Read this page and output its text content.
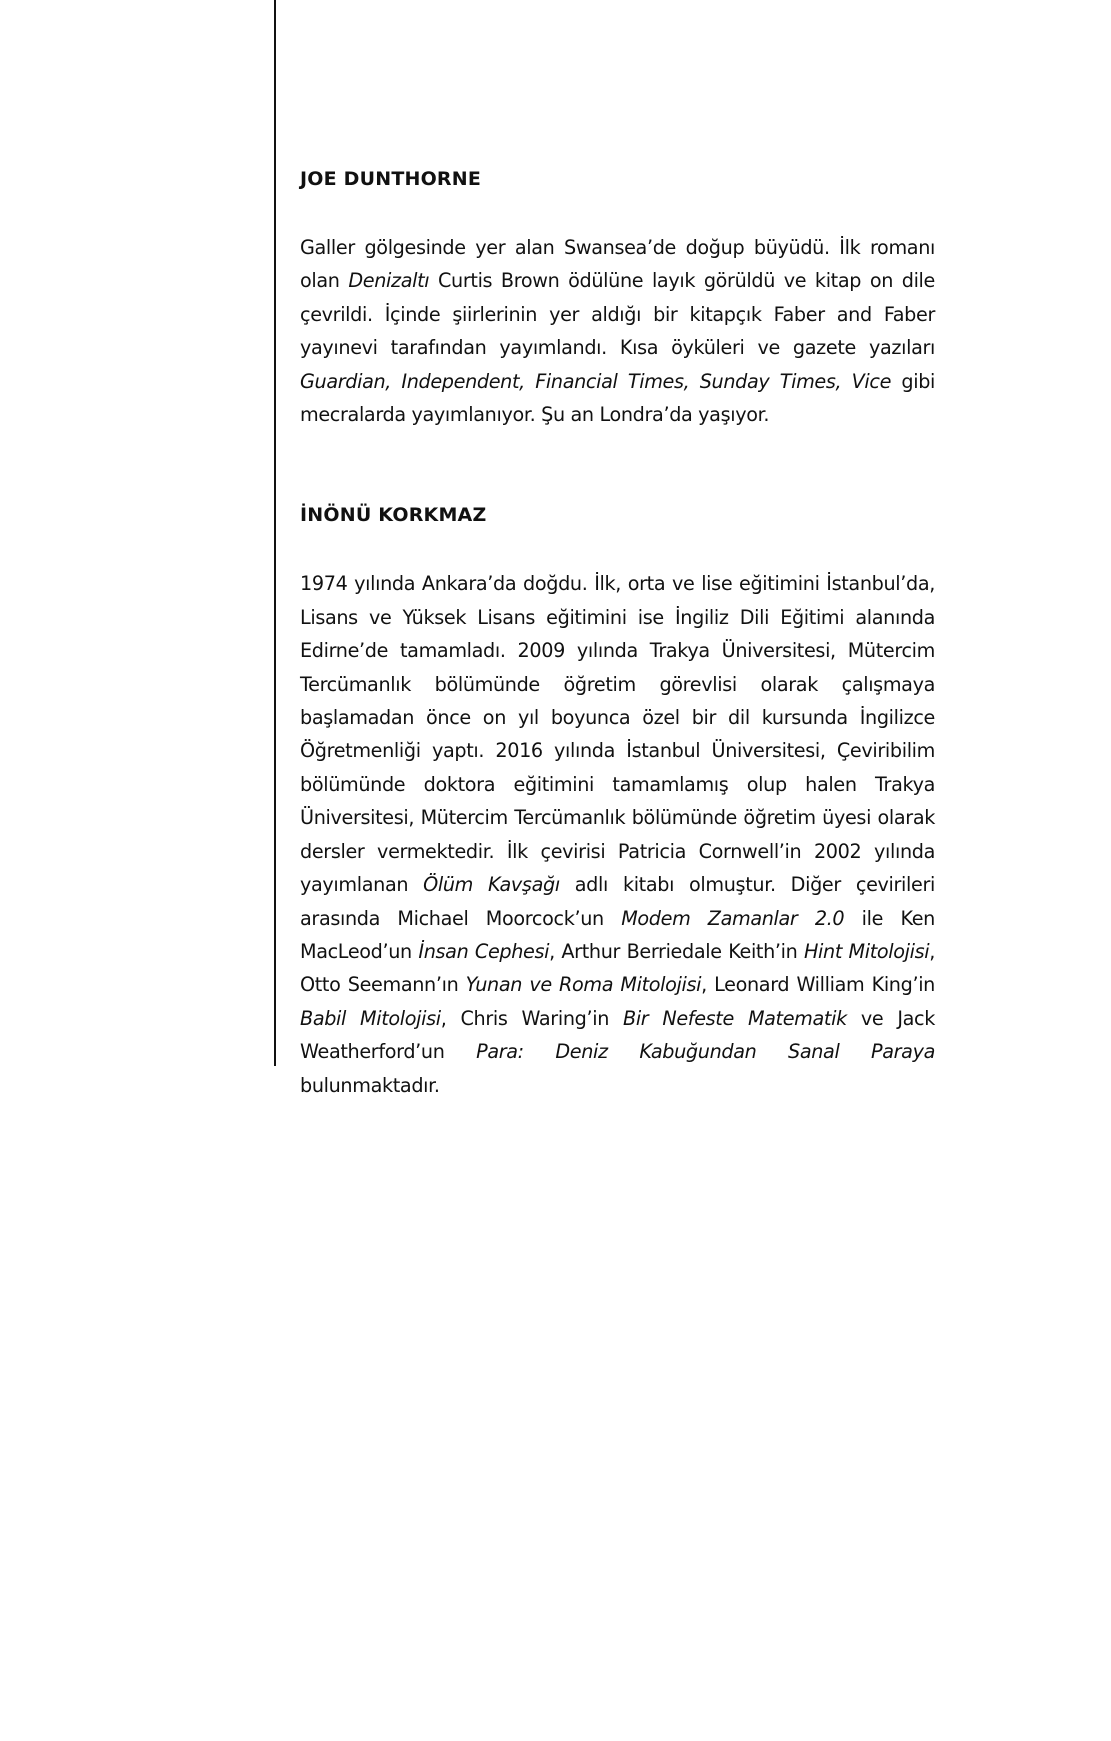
JOE DUNTHORNE

Galler gölgesinde yer alan Swansea’de doğup büyüdü. İlk romanı olan Denizaltı Curtis Brown ödülüne layık görüldü ve kitap on dile çevrildi. İçinde şiirlerinin yer aldığı bir kitapçık Faber and Faber yayınevi tarafından yayımlandı. Kısa öyküleri ve gazete yazıları Guardian, Independent, Financial Times, Sunday Times, Vice gibi mecralarda yayımlanıyor. Şu an Londra’da yaşıyor.

İNÖNÜ KORKMAZ

1974 yılında Ankara’da doğdu. İlk, orta ve lise eğitimini İstanbul’da, Lisans ve Yüksek Lisans eğitimini ise İngiliz Dili Eğitimi alanında Edirne’de tamamladı. 2009 yılında Trakya Üniversitesi, Mütercim Tercümanlık bölümünde öğretim görevlisi olarak çalışmaya başlamadan önce on yıl boyunca özel bir dil kursunda İngilizce Öğretmenliği yaptı. 2016 yılında İstanbul Üniversitesi, Çeviribilim bölümünde doktora eğitimini tamamlamış olup halen Trakya Üniversitesi, Mütercim Tercümanlık bölümünde öğretim üyesi olarak dersler vermektedir. İlk çevirisi Patricia Cornwell’in 2002 yılında yayımlanan Ölüm Kavşağı adlı kitabı olmuştur. Diğer çevirileri arasında Michael Moorcock’un Modem Zamanlar 2.0 ile Ken MacLeod’un İnsan Cephesi, Arthur Berriedale Keith’in Hint Mitolojisi, Otto Seemann’ın Yunan ve Roma Mitolojisi, Leonard William King’in Babil Mitolojisi, Chris Waring’in Bir Nefeste Matematik ve Jack Weatherford’un Para: Deniz Kabuğundan Sanal Paraya bulunmaktadır.
